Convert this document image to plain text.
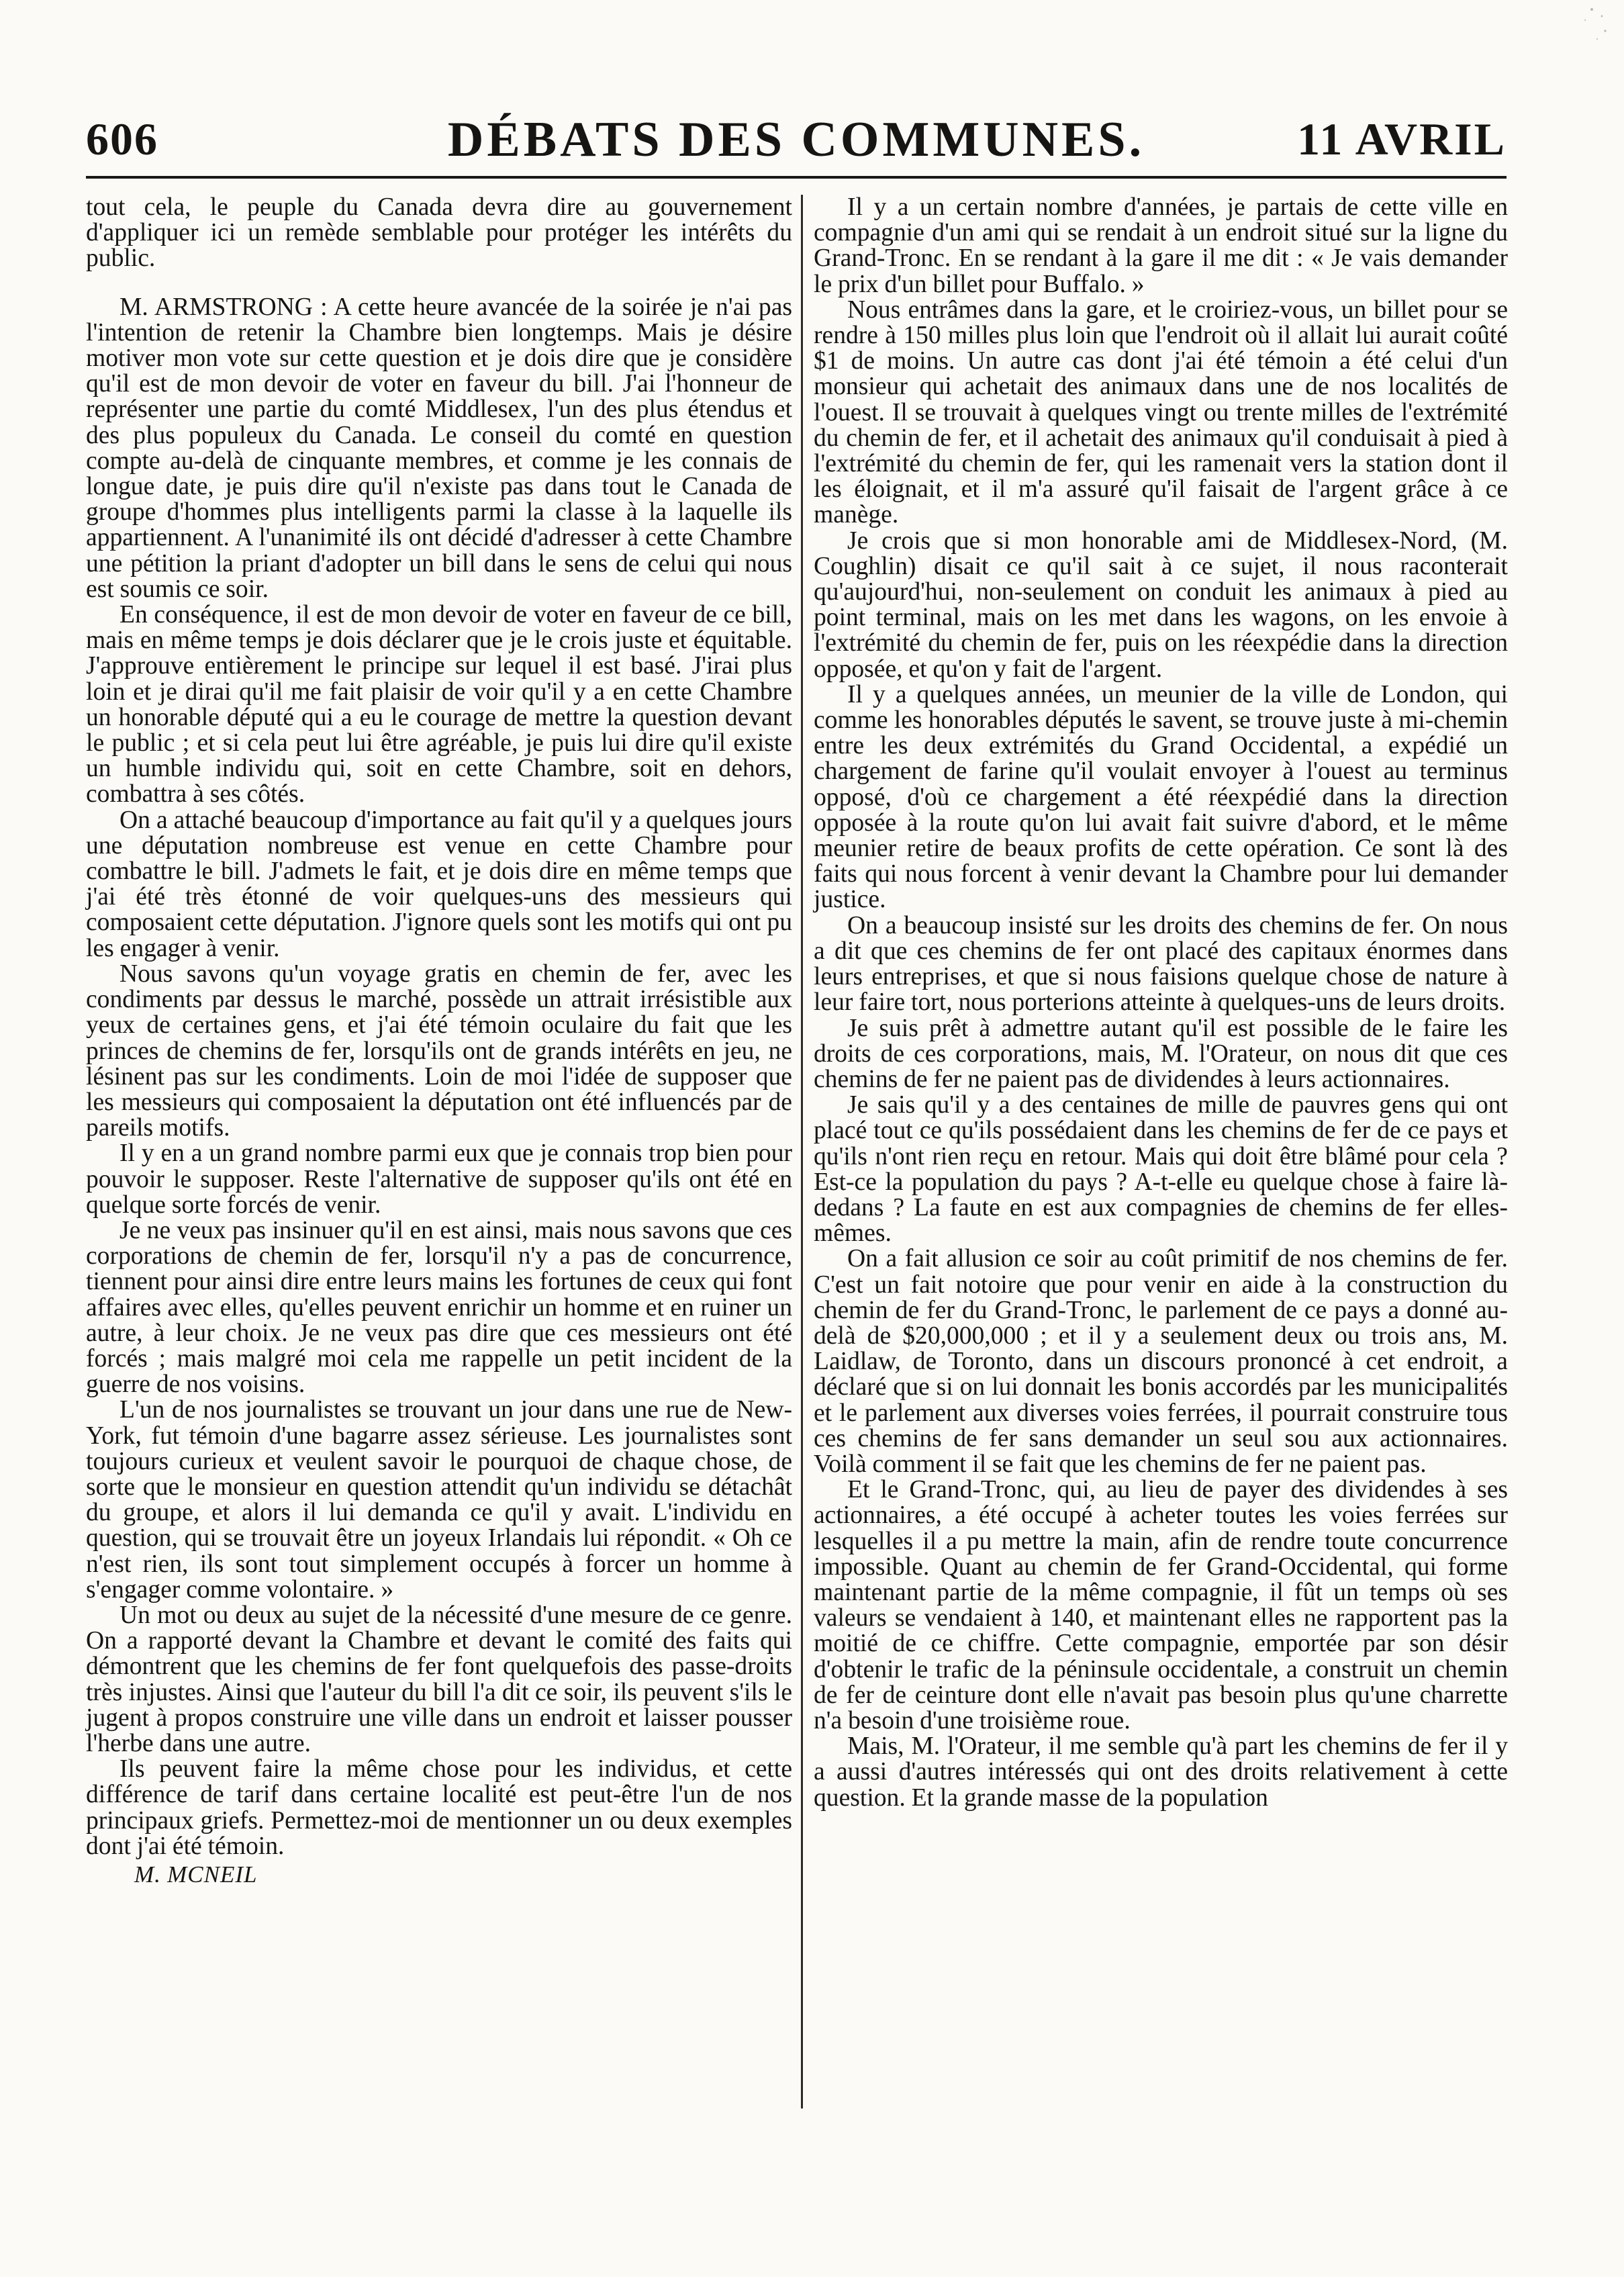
606	DÉBATS DES COMMUNES.	11 AVRIL

tout cela, le peuple du Canada devra dire au gouvernement d'appliquer ici un remède semblable pour protéger les intérêts du public.

M. ARMSTRONG : A cette heure avancée de la soirée je n'ai pas l'intention de retenir la Chambre bien longtemps. Mais je désire motiver mon vote sur cette question et je dois dire que je considère qu'il est de mon devoir de voter en faveur du bill. J'ai l'honneur de représenter une partie du comté Middlesex, l'un des plus étendus et des plus populeux du Canada. Le conseil du comté en question compte au-delà de cinquante membres, et comme je les connais de longue date, je puis dire qu'il n'existe pas dans tout le Canada de groupe d'hommes plus intelligents parmi la classe à la laquelle ils appartiennent. A l'unanimité ils ont décidé d'adresser à cette Chambre une pétition la priant d'adopter un bill dans le sens de celui qui nous est soumis ce soir.

En conséquence, il est de mon devoir de voter en faveur de ce bill, mais en même temps je dois déclarer que je le crois juste et équitable. J'approuve entièrement le principe sur lequel il est basé. J'irai plus loin et je dirai qu'il me fait plaisir de voir qu'il y a en cette Chambre un honorable député qui a eu le courage de mettre la question devant le public ; et si cela peut lui être agréable, je puis lui dire qu'il existe un humble individu qui, soit en cette Chambre, soit en dehors, combattra à ses côtés.

On a attaché beaucoup d'importance au fait qu'il y a quelques jours une députation nombreuse est venue en cette Chambre pour combattre le bill. J'admets le fait, et je dois dire en même temps que j'ai été très étonné de voir quelques-uns des messieurs qui composaient cette députation. J'ignore quels sont les motifs qui ont pu les engager à venir.

Nous savons qu'un voyage gratis en chemin de fer, avec les condiments par dessus le marché, possède un attrait irrésistible aux yeux de certaines gens, et j'ai été témoin oculaire du fait que les princes de chemins de fer, lorsqu'ils ont de grands intérêts en jeu, ne lésinent pas sur les condiments. Loin de moi l'idée de supposer que les messieurs qui composaient la députation ont été influencés par de pareils motifs.

Il y en a un grand nombre parmi eux que je connais trop bien pour pouvoir le supposer. Reste l'alternative de supposer qu'ils ont été en quelque sorte forcés de venir.

Je ne veux pas insinuer qu'il en est ainsi, mais nous savons que ces corporations de chemin de fer, lorsqu'il n'y a pas de concurrence, tiennent pour ainsi dire entre leurs mains les fortunes de ceux qui font affaires avec elles, qu'elles peuvent enrichir un homme et en ruiner un autre, à leur choix. Je ne veux pas dire que ces messieurs ont été forcés ; mais malgré moi cela me rappelle un petit incident de la guerre de nos voisins.

L'un de nos journalistes se trouvant un jour dans une rue de New-York, fut témoin d'une bagarre assez sérieuse. Les journalistes sont toujours curieux et veulent savoir le pourquoi de chaque chose, de sorte que le monsieur en question attendit qu'un individu se détachât du groupe, et alors il lui demanda ce qu'il y avait. L'individu en question, qui se trouvait être un joyeux Irlandais lui répondit. « Oh ce n'est rien, ils sont tout simplement occupés à forcer un homme à s'engager comme volontaire. »

Un mot ou deux au sujet de la nécessité d'une mesure de ce genre. On a rapporté devant la Chambre et devant le comité des faits qui démontrent que les chemins de fer font quelquefois des passe-droits très injustes. Ainsi que l'auteur du bill l'a dit ce soir, ils peuvent s'ils le jugent à propos construire une ville dans un endroit et laisser pousser l'herbe dans une autre.

Ils peuvent faire la même chose pour les individus, et cette différence de tarif dans certaine localité est peut-être l'un de nos principaux griefs. Permettez-moi de mentionner un ou deux exemples dont j'ai été témoin.

M. MCNEIL

Il y a un certain nombre d'années, je partais de cette ville en compagnie d'un ami qui se rendait à un endroit situé sur la ligne du Grand-Tronc. En se rendant à la gare il me dit : « Je vais demander le prix d'un billet pour Buffalo. »

Nous entrâmes dans la gare, et le croiriez-vous, un billet pour se rendre à 150 milles plus loin que l'endroit où il allait lui aurait coûté $1 de moins. Un autre cas dont j'ai été témoin a été celui d'un monsieur qui achetait des animaux dans une de nos localités de l'ouest. Il se trouvait à quelques vingt ou trente milles de l'extrémité du chemin de fer, et il achetait des animaux qu'il conduisait à pied à l'extrémité du chemin de fer, qui les ramenait vers la station dont il les éloignait, et il m'a assuré qu'il faisait de l'argent grâce à ce manège.

Je crois que si mon honorable ami de Middlesex-Nord, (M. Coughlin) disait ce qu'il sait à ce sujet, il nous raconterait qu'aujourd'hui, non-seulement on conduit les animaux à pied au point terminal, mais on les met dans les wagons, on les envoie à l'extrémité du chemin de fer, puis on les réexpédie dans la direction opposée, et qu'on y fait de l'argent.

Il y a quelques années, un meunier de la ville de London, qui comme les honorables députés le savent, se trouve juste à mi-chemin entre les deux extrémités du Grand Occidental, a expédié un chargement de farine qu'il voulait envoyer à l'ouest au terminus opposé, d'où ce chargement a été réexpédié dans la direction opposée à la route qu'on lui avait fait suivre d'abord, et le même meunier retire de beaux profits de cette opération. Ce sont là des faits qui nous forcent à venir devant la Chambre pour lui demander justice.

On a beaucoup insisté sur les droits des chemins de fer. On nous a dit que ces chemins de fer ont placé des capitaux énormes dans leurs entreprises, et que si nous faisions quelque chose de nature à leur faire tort, nous porterions atteinte à quelques-uns de leurs droits.

Je suis prêt à admettre autant qu'il est possible de le faire les droits de ces corporations, mais, M. l'Orateur, on nous dit que ces chemins de fer ne paient pas de dividendes à leurs actionnaires.

Je sais qu'il y a des centaines de mille de pauvres gens qui ont placé tout ce qu'ils possédaient dans les chemins de fer de ce pays et qu'ils n'ont rien reçu en retour. Mais qui doit être blâmé pour cela ? Est-ce la population du pays ? A-t-elle eu quelque chose à faire là-dedans ? La faute en est aux compagnies de chemins de fer elles-mêmes.

On a fait allusion ce soir au coût primitif de nos chemins de fer. C'est un fait notoire que pour venir en aide à la construction du chemin de fer du Grand-Tronc, le parlement de ce pays a donné au-delà de $20,000,000 ; et il y a seulement deux ou trois ans, M. Laidlaw, de Toronto, dans un discours prononcé à cet endroit, a déclaré que si on lui donnait les bonis accordés par les municipalités et le parlement aux diverses voies ferrées, il pourrait construire tous ces chemins de fer sans demander un seul sou aux actionnaires. Voilà comment il se fait que les chemins de fer ne paient pas.

Et le Grand-Tronc, qui, au lieu de payer des dividendes à ses actionnaires, a été occupé à acheter toutes les voies ferrées sur lesquelles il a pu mettre la main, afin de rendre toute concurrence impossible. Quant au chemin de fer Grand-Occidental, qui forme maintenant partie de la même compagnie, il fût un temps où ses valeurs se vendaient à 140, et maintenant elles ne rapportent pas la moitié de ce chiffre. Cette compagnie, emportée par son désir d'obtenir le trafic de la péninsule occidentale, a construit un chemin de fer de ceinture dont elle n'avait pas besoin plus qu'une charrette n'a besoin d'une troisième roue.

Mais, M. l'Orateur, il me semble qu'à part les chemins de fer il y a aussi d'autres intéressés qui ont des droits relativement à cette question. Et la grande masse de la population
